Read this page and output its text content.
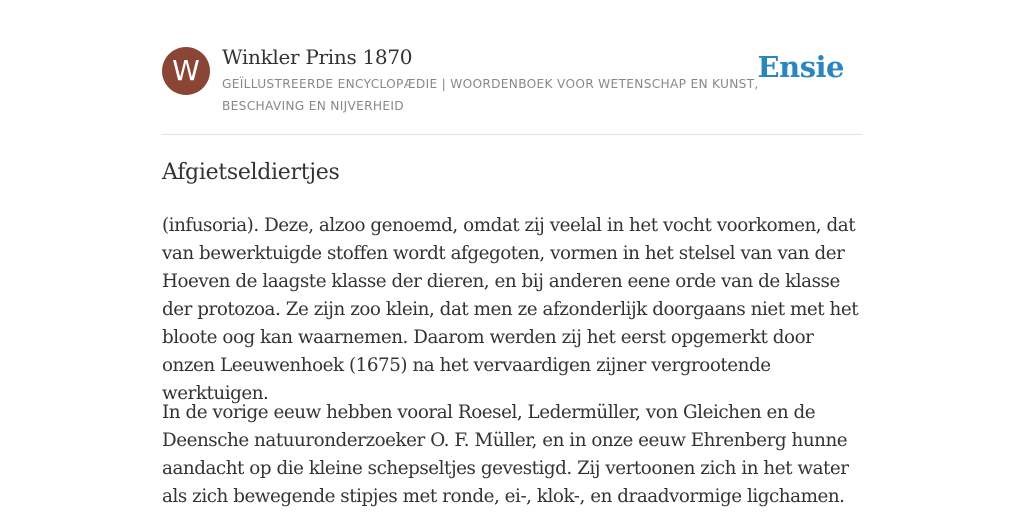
W	Winkler Prins 1870
GEÏLLUSTREERDE ENCYCLOPÆDIE | WOORDENBOEK VOOR WETENSCHAP EN KUNST, BESCHAVING EN NIJVERHEID
Ensie
Afgietseldiertjes

(infusoria). Deze, alzoo genoemd, omdat zij veelal in het vocht voorkomen, dat van bewerktuigde stoffen wordt afgegoten, vormen in het stelsel van van der Hoeven de laagste klasse der dieren, en bij anderen eene orde van de klasse der protozoa. Ze zijn zoo klein, dat men ze afzonderlijk doorgaans niet met het bloote oog kan waarnemen. Daarom werden zij het eerst opgemerkt door onzen Leeuwenhoek (1675) na het vervaardigen zijner vergrootende werktuigen.

In de vorige eeuw hebben vooral Roesel, Ledermüller, von Gleichen en de Deensche natuuronderzoeker O. F. Müller, en in onze eeuw Ehrenberg hunne aandacht op die kleine schepseltjes gevestigd. Zij vertoonen zich in het water als zich bewegende stipjes met ronde, ei-, klok-, en draadvormige ligchamen.
